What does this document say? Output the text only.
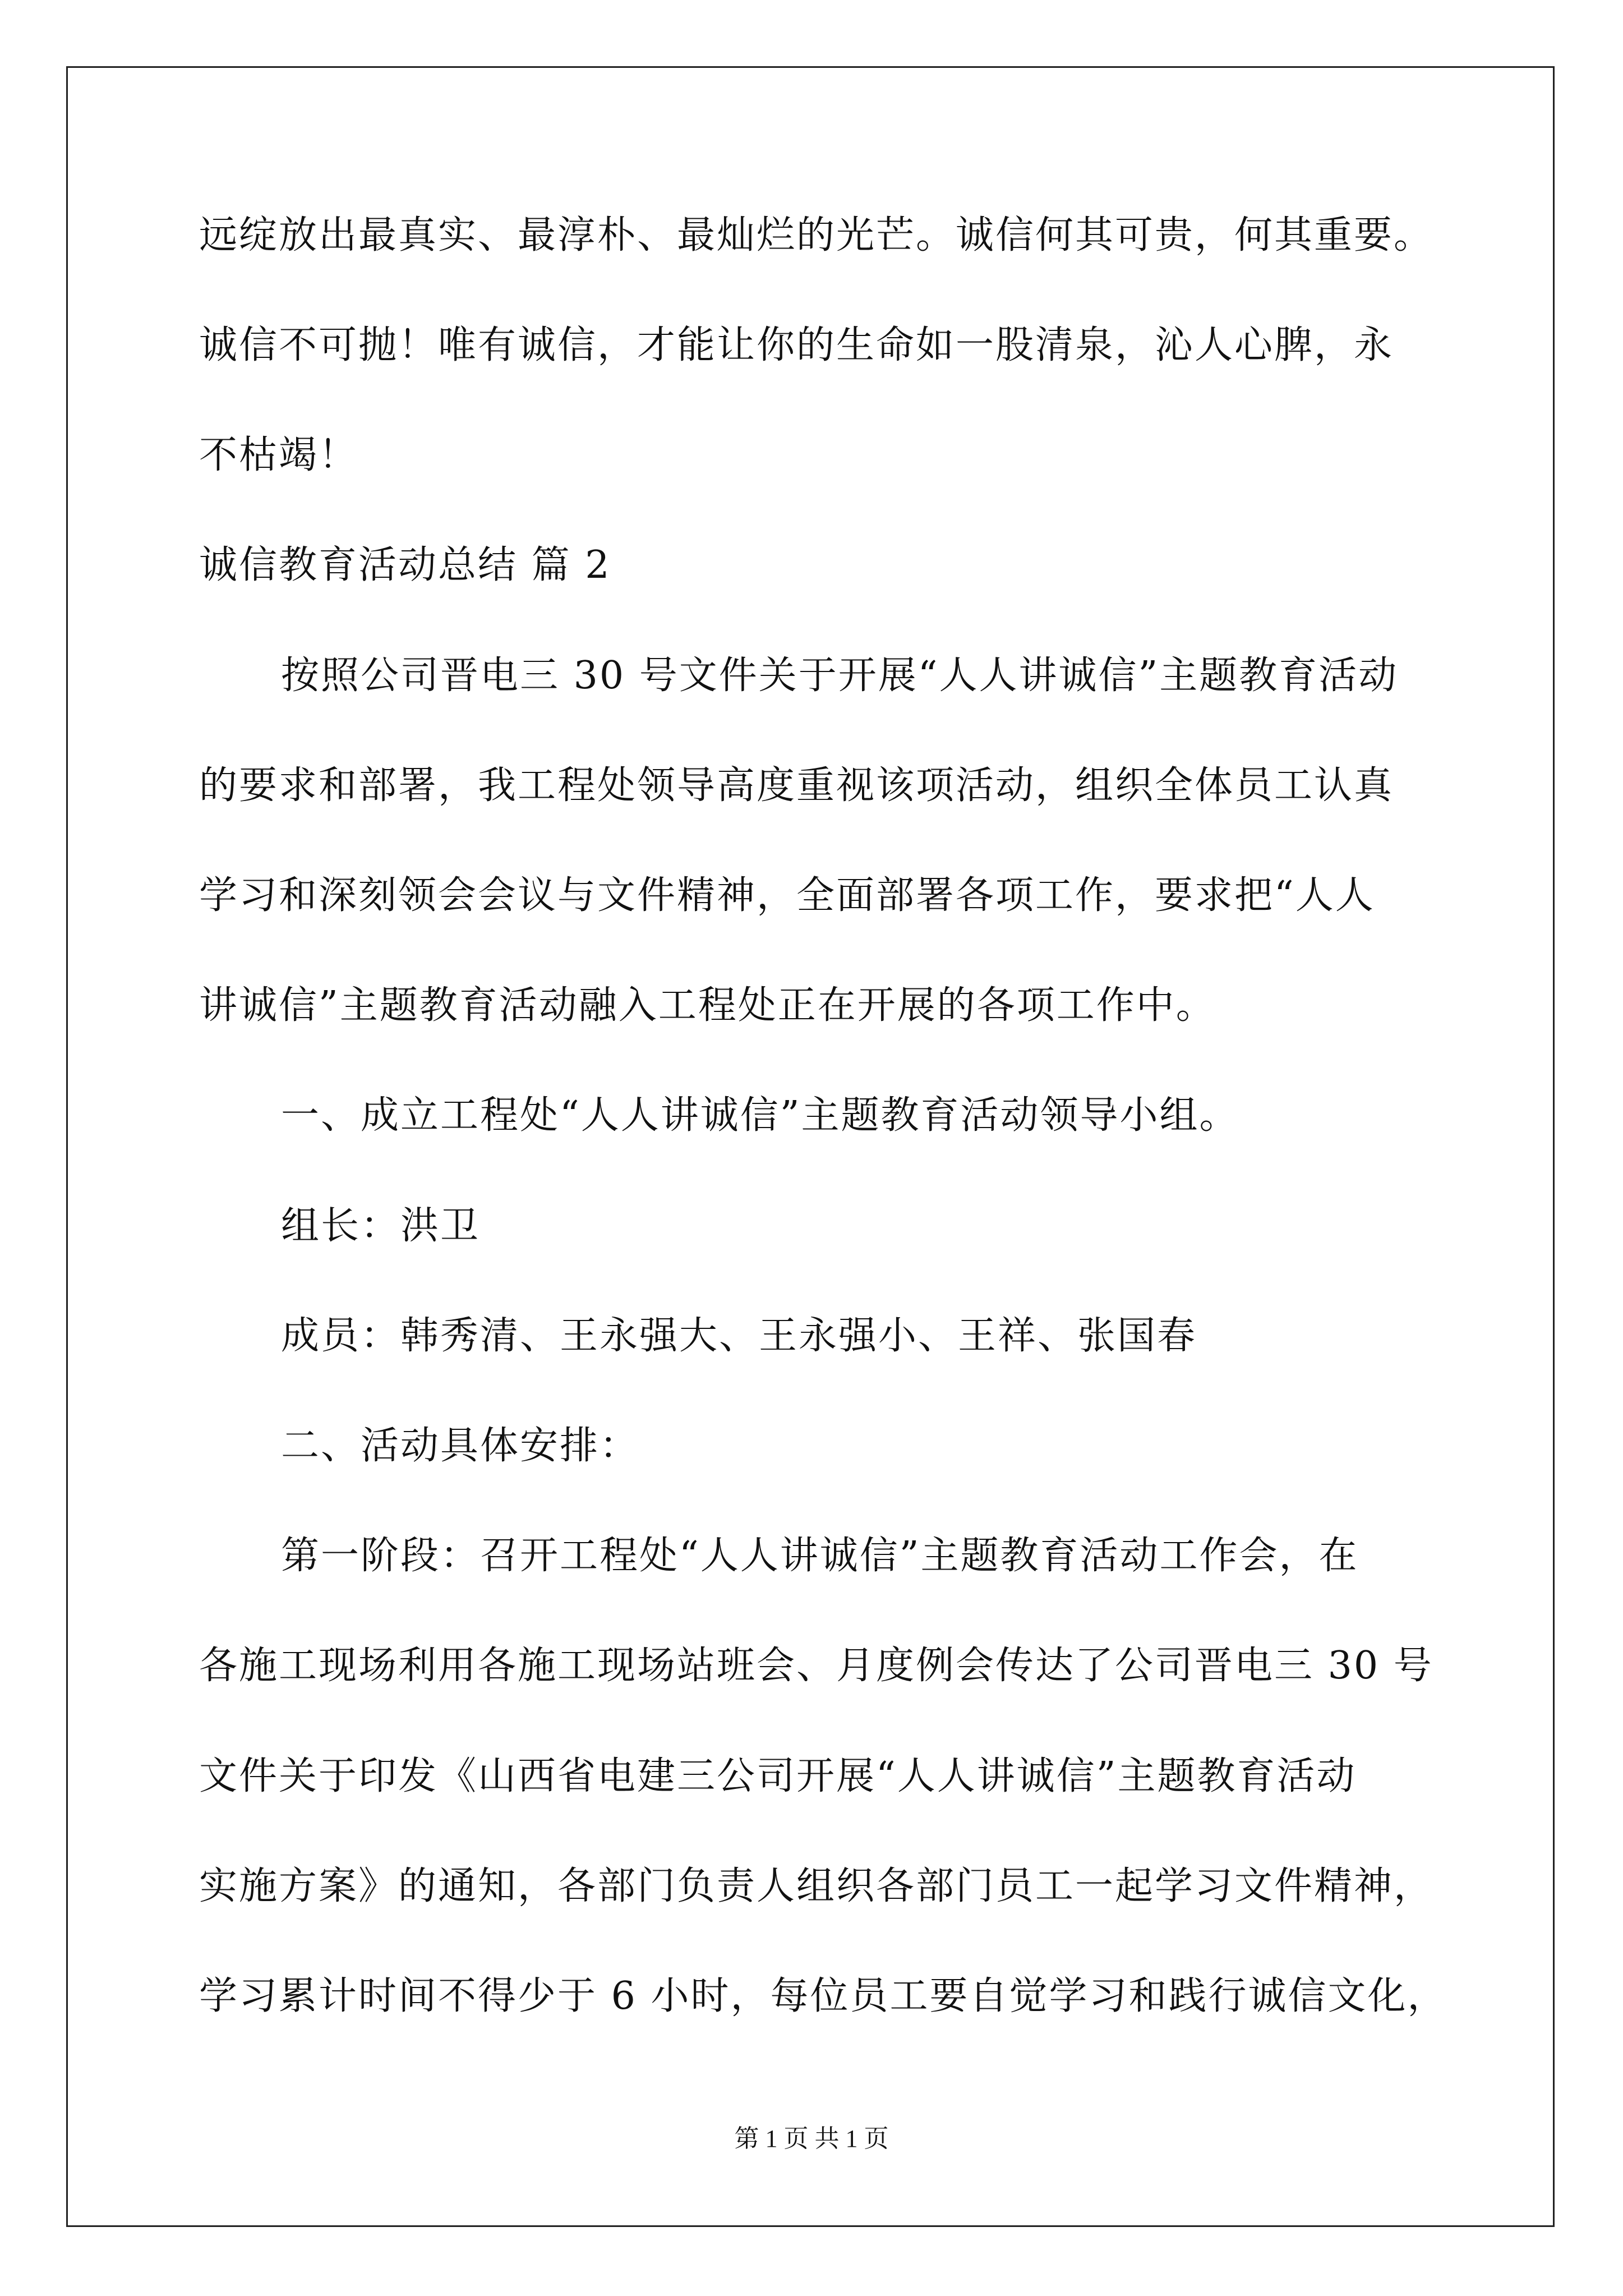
远绽放出最真实、最淳朴、最灿烂的光芒。诚信何其可贵，何其重要。
诚信不可抛！唯有诚信，才能让你的生命如一股清泉，沁人心脾，永
不枯竭！
诚信教育活动总结 篇 2
按照公司晋电三 30 号文件关于开展“人人讲诚信”主题教育活动
的要求和部署，我工程处领导高度重视该项活动，组织全体员工认真
学习和深刻领会会议与文件精神，全面部署各项工作，要求把“人人
讲诚信”主题教育活动融入工程处正在开展的各项工作中。
一、成立工程处“人人讲诚信”主题教育活动领导小组。
组长：洪卫
成员：韩秀清、王永强大、王永强小、王祥、张国春
二、活动具体安排：
第一阶段：召开工程处“人人讲诚信”主题教育活动工作会，在
各施工现场利用各施工现场站班会、月度例会传达了公司晋电三 30 号
文件关于印发《山西省电建三公司开展“人人讲诚信”主题教育活动
实施方案》的通知，各部门负责人组织各部门员工一起学习文件精神，
学习累计时间不得少于 6 小时，每位员工要自觉学习和践行诚信文化，
第 1 页 共 1 页
